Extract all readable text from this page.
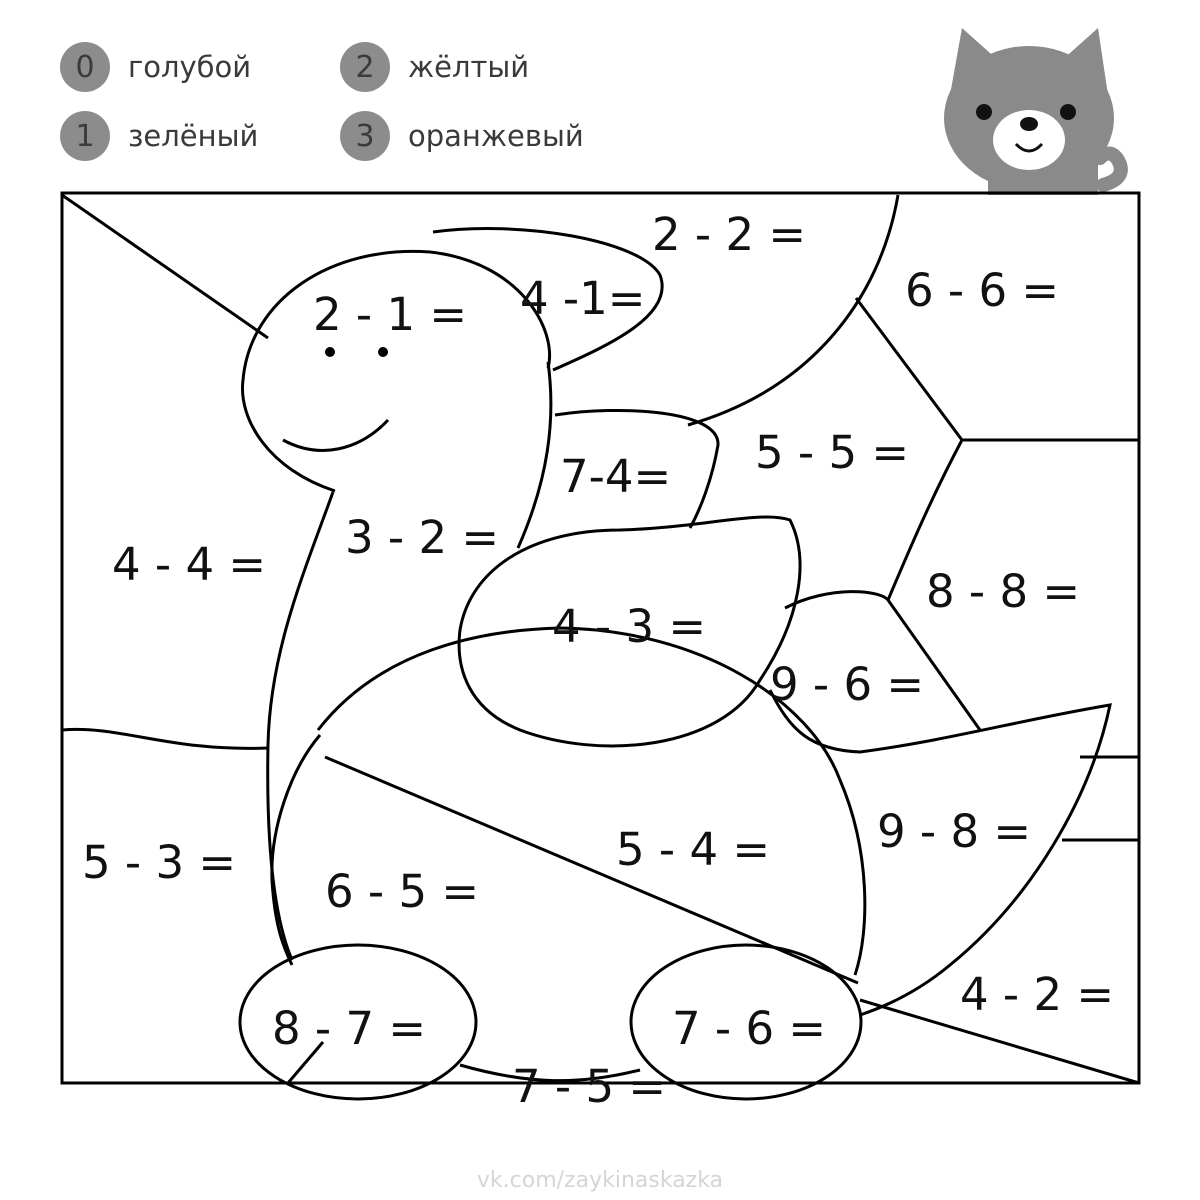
0	голубой
1	зелёный
2	жёлтый
3	оранжевый
2 - 2 =
6 - 6 =
2 - 1 = 4 -1=
7-4= 5 - 5 =
3 - 2 =
4 - 4 =
4 - 3 =
8 - 8 =
9 - 6 =
5 - 3 =	5 - 4 =
6 - 5 =
9 - 8 =
8 - 7 =	7 - 6 =
4 - 2 =
7 - 5 =
vk.com/zaykinaskazka
